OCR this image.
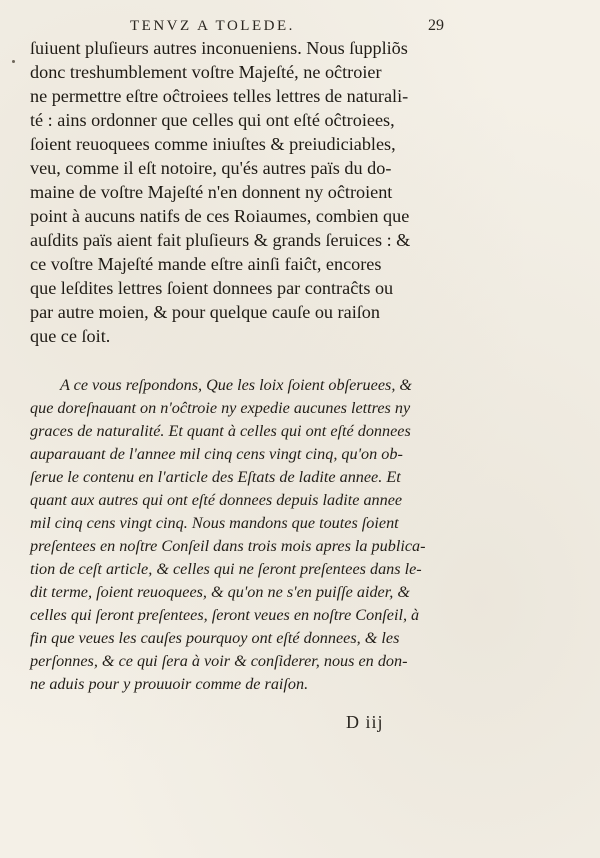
TENVZ A TOLEDE.	29
ſuiuent pluſieurs autres inconueniens. Nous ſuppliõs
donc treshumblement voſtre Majeſté, ne oĉtroier
ne permettre eſtre oĉtroiees telles lettres de naturali-
té : ains ordonner que celles qui ont eſté oĉtroiees,
ſoient reuoquees comme iniuſtes & preiudiciables,
veu, comme il eſt notoire, qu'és autres païs du do-
maine de voſtre Majeſté n'en donnent ny oĉtroient
point à aucuns natifs de ces Roiaumes, combien que
auſdits païs aient fait pluſieurs & grands ſeruices : &
ce voſtre Majeſté mande eſtre ainſi faiĉt, encores
que leſdites lettres ſoient donnees par contraĉts ou
par autre moien, & pour quelque cauſe ou raiſon
que ce ſoit.
A ce vous reſpondons, Que les loix ſoient obſeruees, &
que doreſnauant on n'oĉtroie ny expedie aucunes lettres ny
graces de naturalité. Et quant à celles qui ont eſté donnees
auparauant de l'annee mil cinq cens vingt cinq, qu'on ob-
ſerue le contenu en l'article des Eſtats de ladite annee. Et
quant aux autres qui ont eſté donnees depuis ladite annee
mil cinq cens vingt cinq. Nous mandons que toutes ſoient
preſentees en noſtre Conſeil dans trois mois apres la publica-
tion de ceſt article, & celles qui ne ſeront preſentees dans le-
dit terme, ſoient reuoquees, & qu'on ne s'en puiſſe aider, &
celles qui ſeront preſentees, ſeront veues en noſtre Conſeil, à
fin que veues les cauſes pourquoy ont eſté donnees, & les
perſonnes, & ce qui ſera à voir & conſiderer, nous en don-
ne aduis pour y prouuoir comme de raiſon.
D iij
